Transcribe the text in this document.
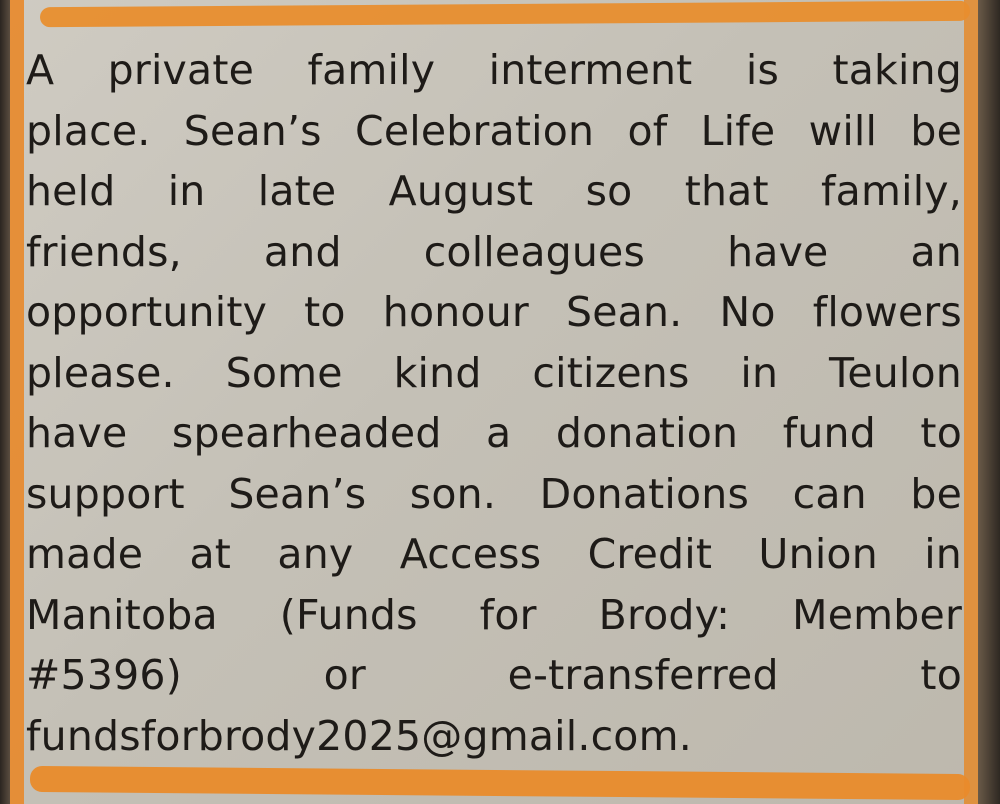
A private family interment is taking
place. Sean’s Celebration of Life will be
held in late August so that family,
friends, and colleagues have an
opportunity to honour Sean. No flowers
please. Some kind citizens in Teulon
have spearheaded a donation fund to
support Sean’s son. Donations can be
made at any Access Credit Union in
Manitoba (Funds for Brody: Member
#5396) or e-transferred to
fundsforbrody2025@gmail.com.
